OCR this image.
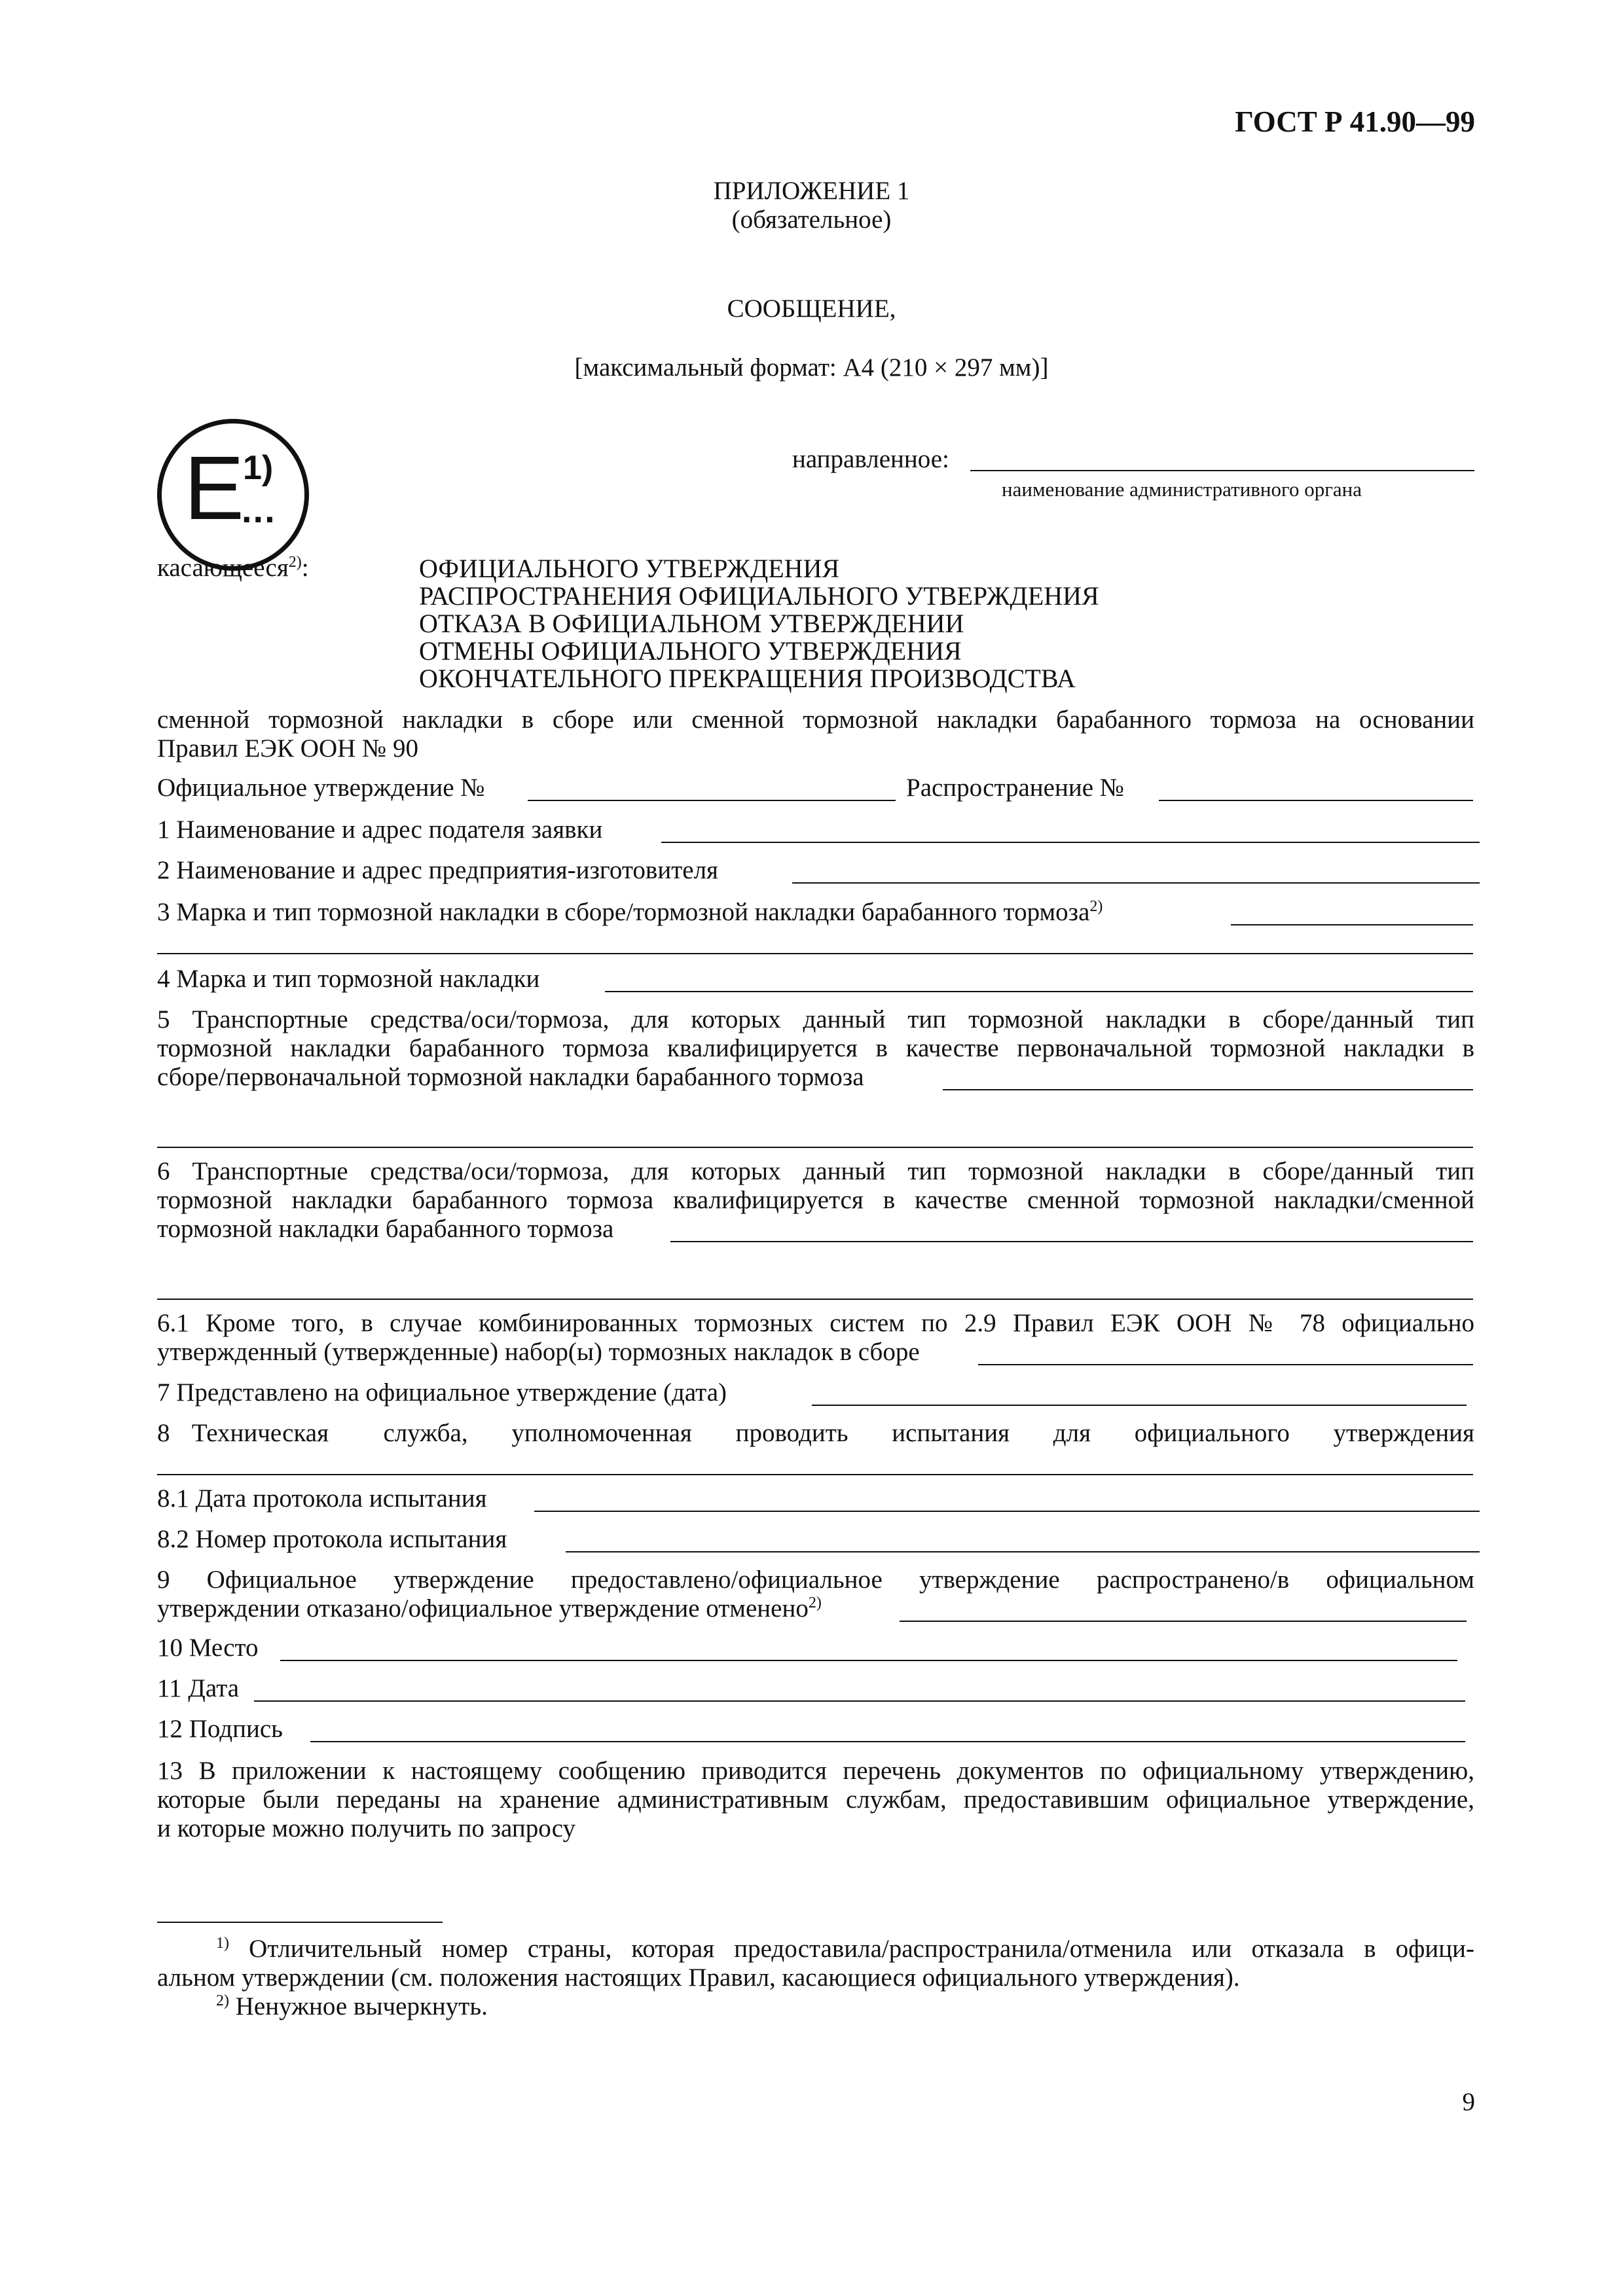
ГОСТ Р 41.90—99
ПРИЛОЖЕНИЕ 1
(обязательное)
СООБЩЕНИЕ,
[максимальный формат: А4 (210 × 297 мм)]
E
1)
...
направленное:
наименование административного органа
касающееся$^{2)}$:	ОФИЦИАЛЬНОГО УТВЕРЖДЕНИЯ
РАСПРОСТРАНЕНИЯ ОФИЦИАЛЬНОГО УТВЕРЖДЕНИЯ
ОТКАЗА В ОФИЦИАЛЬНОМ УТВЕРЖДЕНИИ
ОТМЕНЫ ОФИЦИАЛЬНОГО УТВЕРЖДЕНИЯ
ОКОНЧАТЕЛЬНОГО ПРЕКРАЩЕНИЯ ПРОИЗВОДСТВА
сменной тормозной накладки в сборе или сменной тормозной накладки барабанного тормоза на основании
Правил ЕЭК ООН № 90
Официальное утверждение №	Распространение №
1 Наименование и адрес подателя заявки
2 Наименование и адрес предприятия-изготовителя
3 Марка и тип тормозной накладки в сборе/тормозной накладки барабанного тормоза$^{2)}$
4 Марка и тип тормозной накладки
5 Транспортные средства/оси/тормоза, для которых данный тип тормозной накладки в сборе/данный тип
тормозной накладки барабанного тормоза квалифицируется в качестве первоначальной тормозной накладки в
сборе/первоначальной тормозной накладки барабанного тормоза
6 Транспортные средства/оси/тормоза, для которых данный тип тормозной накладки в сборе/данный тип
тормозной накладки барабанного тормоза квалифицируется в качестве сменной тормозной накладки/сменной
тормозной накладки барабанного тормоза
6.1 Кроме того, в случае комбинированных тормозных систем по 2.9 Правил ЕЭК ООН № 78 официально
утвержденный (утвержденные) набор(ы) тормозных накладок в сборе
7 Представлено на официальное утверждение (дата)
8  Техническая     служба,    уполномоченная    проводить    испытания    для    официального    утверждения
8.1 Дата протокола испытания
8.2 Номер протокола испытания
9 Официальное утверждение предоставлено/официальное утверждение распространено/в официальном
утверждении отказано/официальное утверждение отменено$^{2)}$
10 Место
11 Дата
12 Подпись
13 В приложении к настоящему сообщению приводится перечень документов по официальному утверждению,
которые были переданы на хранение административным службам, предоставившим официальное утверждение,
и которые можно получить по запросу
$^{1)}$ Отличительный номер страны, которая предоставила/распространила/отменила или отказала в офици-
альном утверждении (см. положения настоящих Правил, касающиеся официального утверждения).
$^{2)}$ Ненужное вычеркнуть.
9
